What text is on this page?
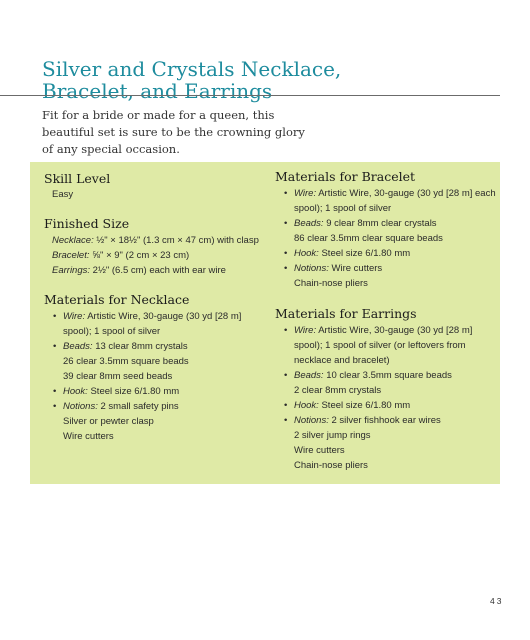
Silver and Crystals Necklace,
Bracelet, and Earrings

Fit for a bride or made for a queen, this
beautiful set is sure to be the crowning glory
of any special occasion.

Skill Level
Easy
Finished Size
Necklace: ½" × 18½" (1.3 cm × 47 cm) with clasp
Bracelet: ⅝" × 9" (2 cm × 23 cm)
Earrings: 2½" (6.5 cm) each with ear wire
Materials for Necklace
• Wire: Artistic Wire, 30-gauge (30 yd [28 m]
spool); 1 spool of silver
• Beads: 13 clear 8mm crystals
26 clear 3.5mm square beads
39 clear 8mm seed beads
• Hook: Steel size 6/1.80 mm
• Notions: 2 small safety pins
Silver or pewter clasp
Wire cutters
Materials for Bracelet
• Wire: Artistic Wire, 30-gauge (30 yd [28 m] each
spool); 1 spool of silver
• Beads: 9 clear 8mm clear crystals
86 clear 3.5mm clear square beads
• Hook: Steel size 6/1.80 mm
• Notions: Wire cutters
Chain-nose pliers
Materials for Earrings
• Wire: Artistic Wire, 30-gauge (30 yd [28 m]
spool); 1 spool of silver (or leftovers from
necklace and bracelet)
• Beads: 10 clear 3.5mm square beads
2 clear 8mm crystals
• Hook: Steel size 6/1.80 mm
• Notions: 2 silver fishhook ear wires
2 silver jump rings
Wire cutters
Chain-nose pliers
43
